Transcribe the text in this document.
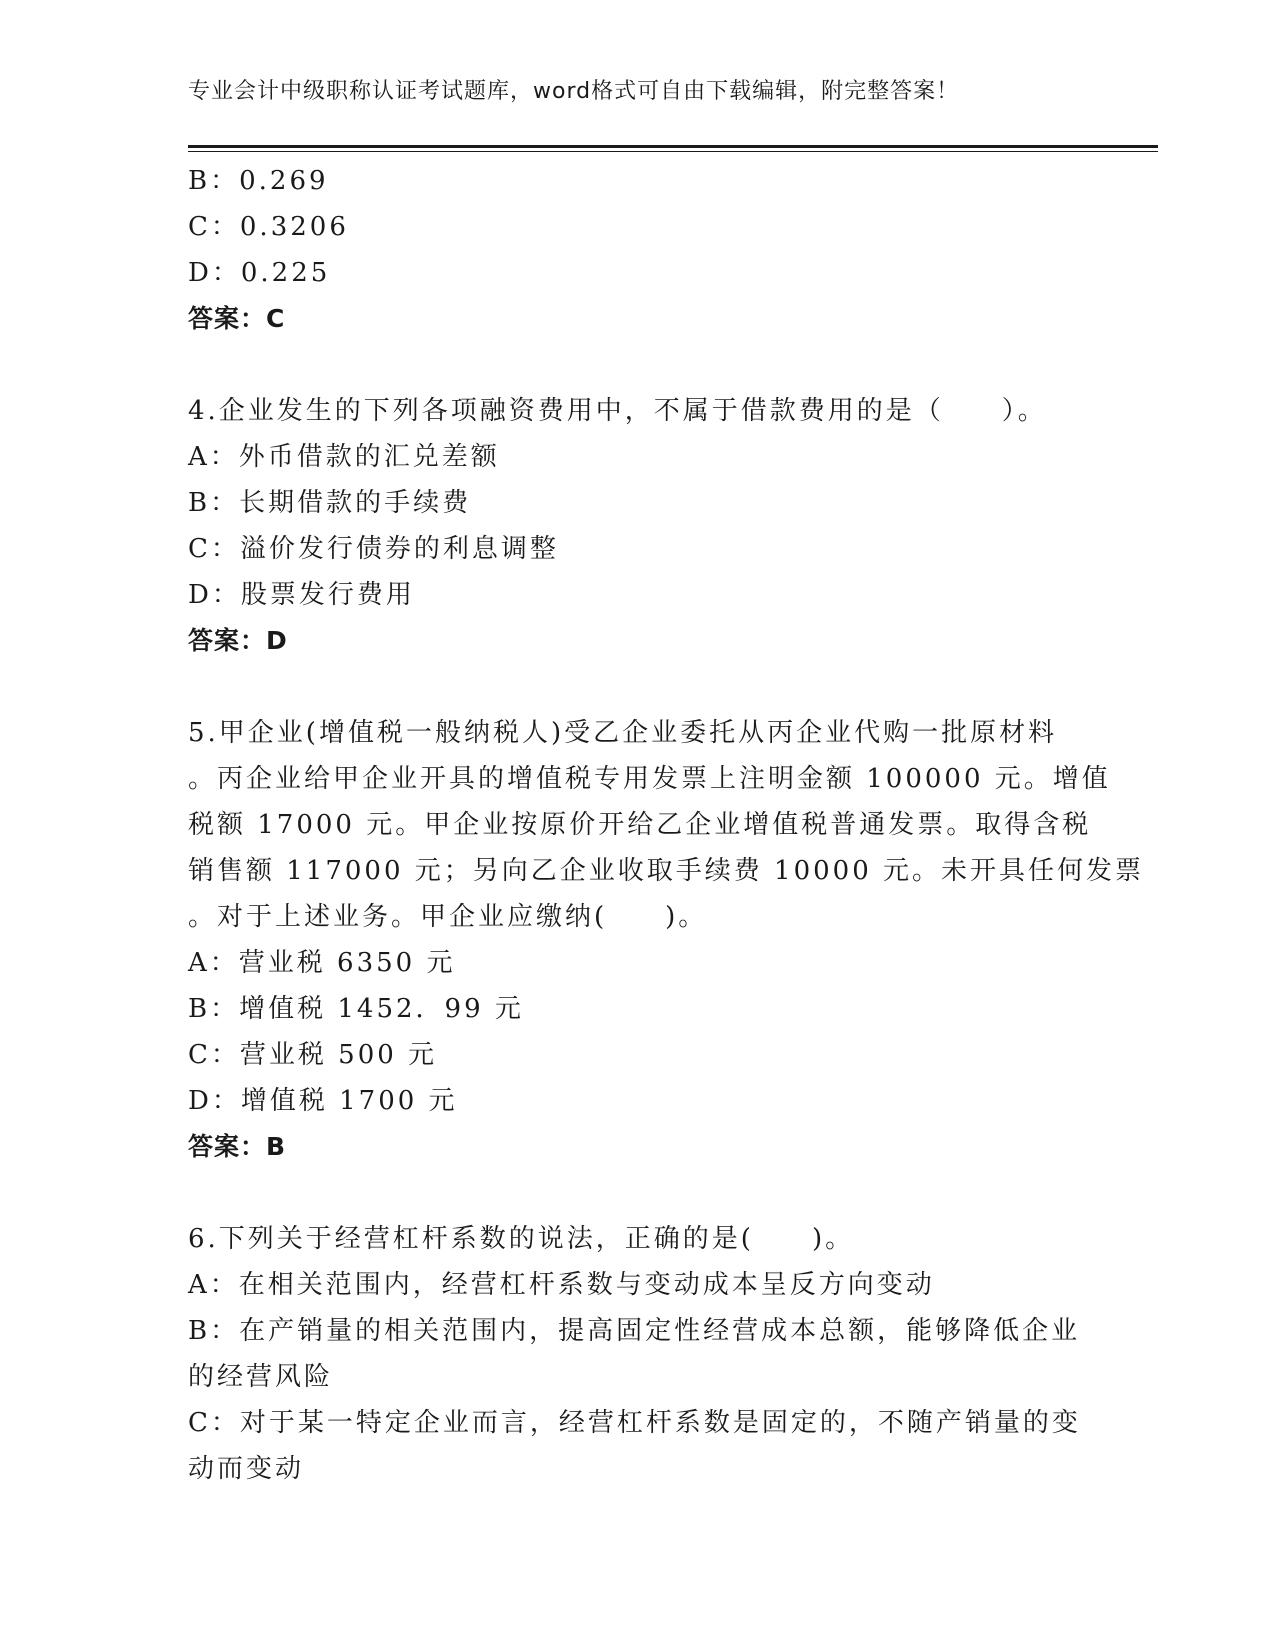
专业会计中级职称认证考试题库，word格式可自由下载编辑，附完整答案！
B：0.269
C：0.3206
D：0.225
答案：C
4.企业发生的下列各项融资费用中，不属于借款费用的是（　　）。
A：外币借款的汇兑差额
B：长期借款的手续费
C：溢价发行债券的利息调整
D：股票发行费用
答案：D
5.甲企业(增值税一般纳税人)受乙企业委托从丙企业代购一批原材料
。丙企业给甲企业开具的增值税专用发票上注明金额 100000 元。增值
税额 17000 元。甲企业按原价开给乙企业增值税普通发票。取得含税
销售额 117000 元；另向乙企业收取手续费 10000 元。未开具任何发票
。对于上述业务。甲企业应缴纳(　　)。
A：营业税 6350 元
B：增值税 1452．99 元
C：营业税 500 元
D：增值税 1700 元
答案：B
6.下列关于经营杠杆系数的说法，正确的是(　　)。
A：在相关范围内，经营杠杆系数与变动成本呈反方向变动
B：在产销量的相关范围内，提高固定性经营成本总额，能够降低企业
的经营风险
C：对于某一特定企业而言，经营杠杆系数是固定的，不随产销量的变
动而变动
